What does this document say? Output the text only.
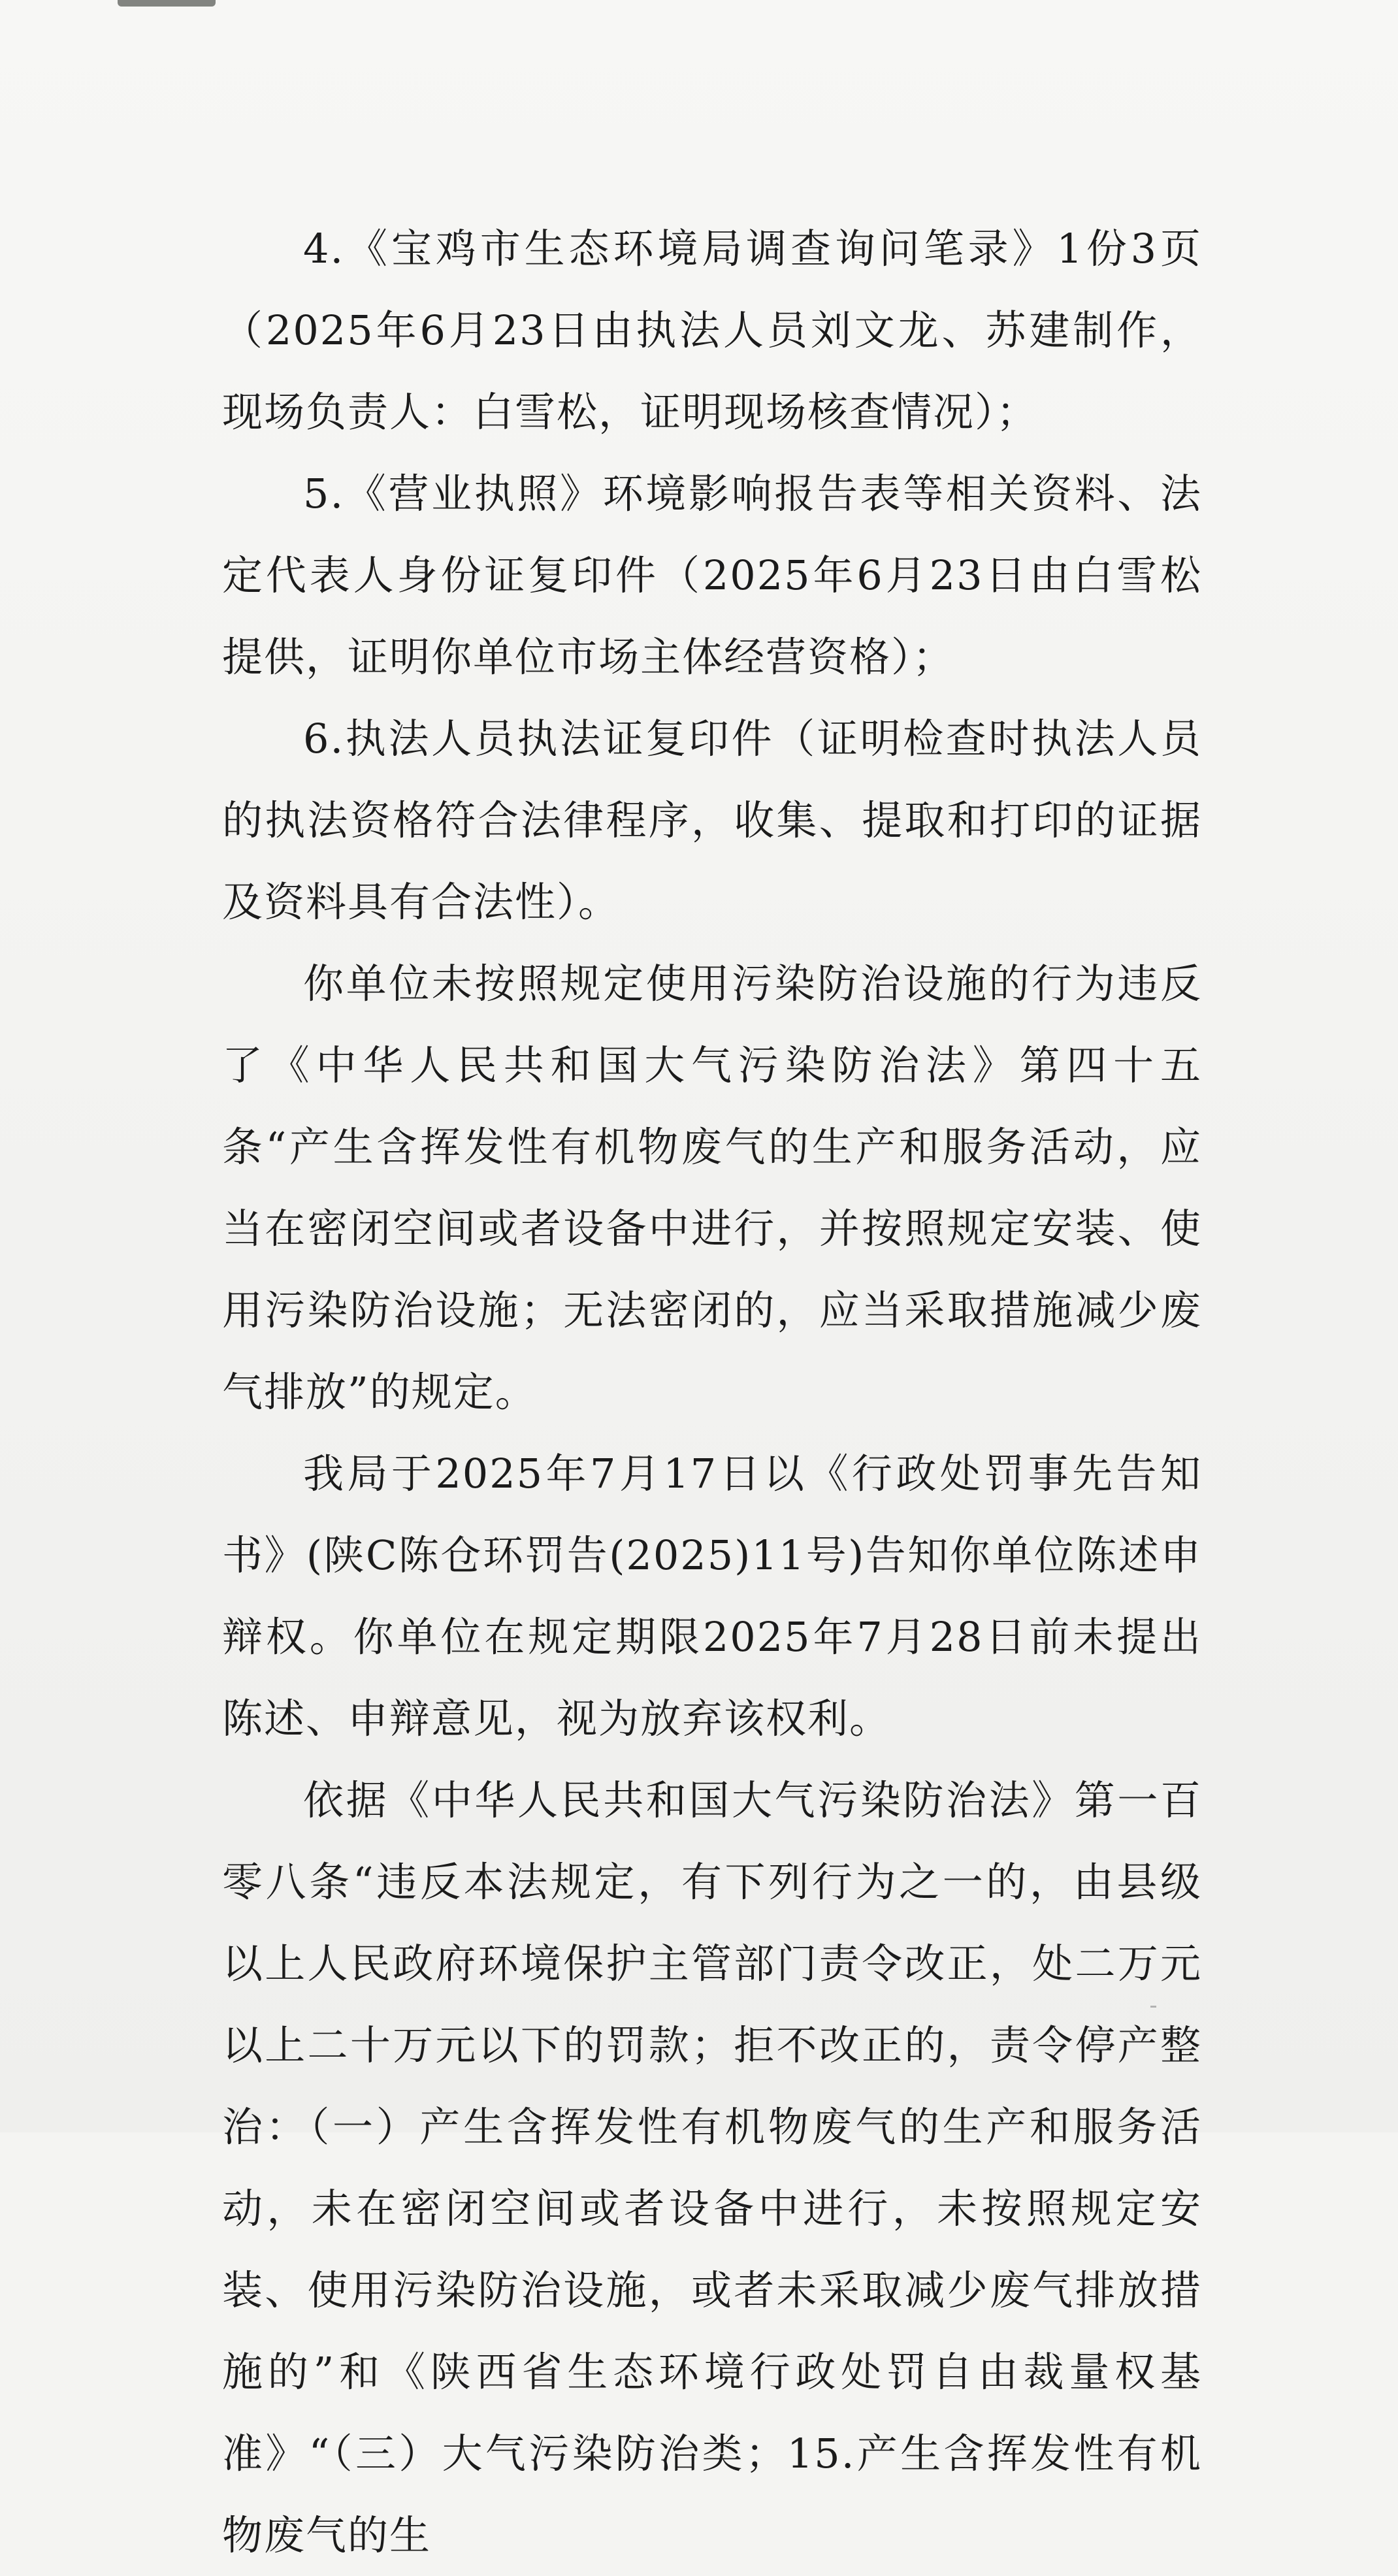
4.《宝鸡市生态环境局调查询问笔录》1份3页（2025年6月23日由执法人员刘文龙、苏建制作，现场负责人：白雪松，证明现场核查情况）；

5.《营业执照》环境影响报告表等相关资料、法定代表人身份证复印件（2025年6月23日由白雪松提供，证明你单位市场主体经营资格）；

6.执法人员执法证复印件（证明检查时执法人员的执法资格符合法律程序，收集、提取和打印的证据及资料具有合法性）。

你单位未按照规定使用污染防治设施的行为违反了《中华人民共和国大气污染防治法》第四十五条“产生含挥发性有机物废气的生产和服务活动，应当在密闭空间或者设备中进行，并按照规定安装、使用污染防治设施；无法密闭的，应当采取措施减少废气排放”的规定。

我局于2025年7月17日以《行政处罚事先告知书》(陕C陈仓环罚告(2025)11号)告知你单位陈述申辩权。你单位在规定期限2025年7月28日前未提出陈述、申辩意见，视为放弃该权利。

依据《中华人民共和国大气污染防治法》第一百零八条“违反本法规定，有下列行为之一的，由县级以上人民政府环境保护主管部门责令改正，处二万元以上二十万元以下的罚款；拒不改正的，责令停产整治：（一）产生含挥发性有机物废气的生产和服务活动，未在密闭空间或者设备中进行，未按照规定安装、使用污染防治设施，或者未采取减少废气排放措施的”和《陕西省生态环境行政处罚自由裁量权基准》“（三）大气污染防治类；15.产生含挥发性有机物废气的生
